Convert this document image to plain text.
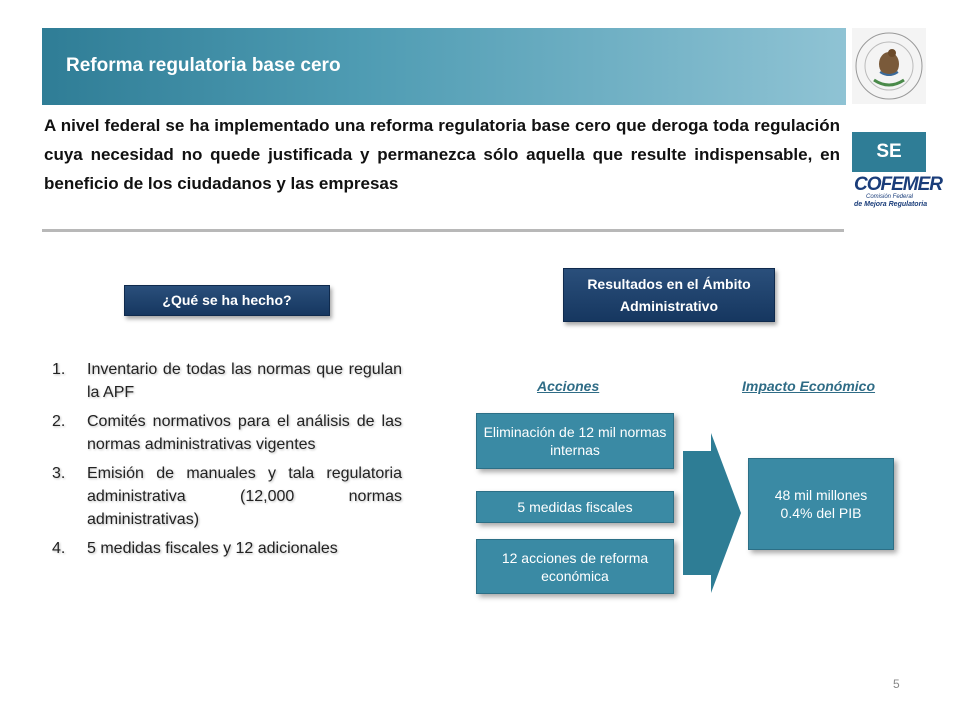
Reforma regulatoria base cero
SE
COFEMER
Comisión Federal
de Mejora Regulatoria
A nivel federal se ha implementado una reforma regulatoria base cero que deroga toda regulación cuya necesidad no quede justificada y permanezca sólo aquella que resulte indispensable, en beneficio de los ciudadanos y las empresas
¿Qué se ha hecho?
1. Inventario de todas las normas que regulan la APF
2. Comités normativos para el análisis de las normas administrativas vigentes
3. Emisión de manuales y tala regulatoria administrativa (12,000 normas administrativas)
4. 5 medidas fiscales y 12 adicionales
Resultados en el Ámbito Administrativo
Acciones	Impacto Económico
Eliminación de 12 mil normas internas
5 medidas fiscales
12 acciones de reforma económica
48 mil millones 0.4% del PIB
5
